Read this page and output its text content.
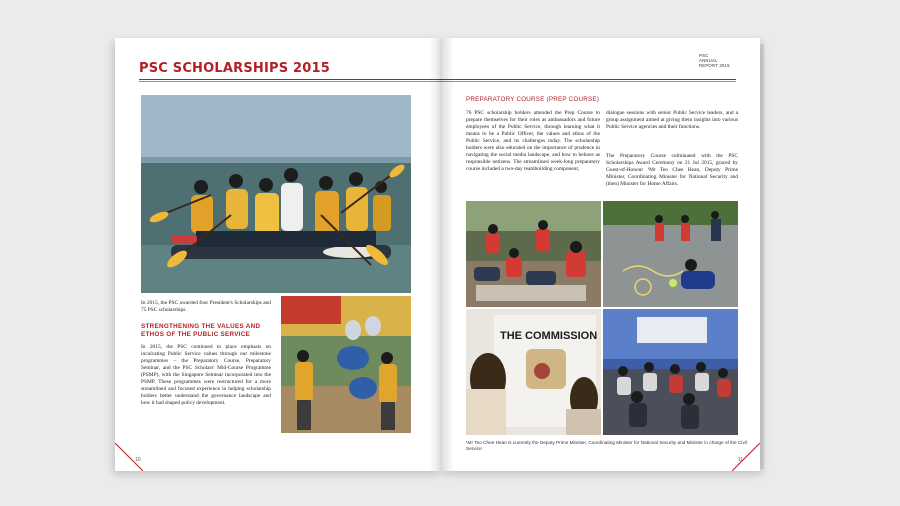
PSC SCHOLARSHIPS 2015
In 2015, the PSC awarded four President's Scholarships and 75 PSC scholarships.
STRENGTHENING THE VALUES AND ETHOS OF THE PUBLIC SERVICE
In 2015, the PSC continued to place emphasis on inculcating Public Service values through our milestone programmes – the Preparatory Course, Preparatory Seminar, and the PSC Scholars' Mid-Course Programme (PSMP), with the Singapore Seminar incorporated into the PSMP. These programmes were restructured for a more streamlined and focused experience in helping scholarship holders better understand the governance landscape and how it had shaped policy development.
10
PSC
ANNUAL
REPORT 2015
PREPARATORY COURSE (PREP COURSE)
76 PSC scholarship holders attended the Prep Course to prepare themselves for their roles as ambassadors and future employees of the Public Service, through learning what it means to be a Public Officer, the values and ethos of the Public Service, and its challenges today. The scholarship holders were also educated on the importance of prudence in navigating the social media landscape, and how to behave as responsible netizens. The streamlined week-long preparatory course included a two-day teambuilding component,
dialogue sessions with senior Public Service leaders, and a group assignment aimed at giving them insights into various Public Service agencies and their functions.
The Preparatory Course culminated with the PSC Scholarships Award Ceremony on 21 Jul 2015, graced by Guest-of-Honour ¹Mr Teo Chee Hean, Deputy Prime Minister, Coordinating Minister for National Security and (then) Minister for Home Affairs.
THE COMMISSION
¹Mr Teo Chee Hean is currently the Deputy Prime Minister, Coordinating Minister for National Security and Minister in charge of the Civil Service.
11
